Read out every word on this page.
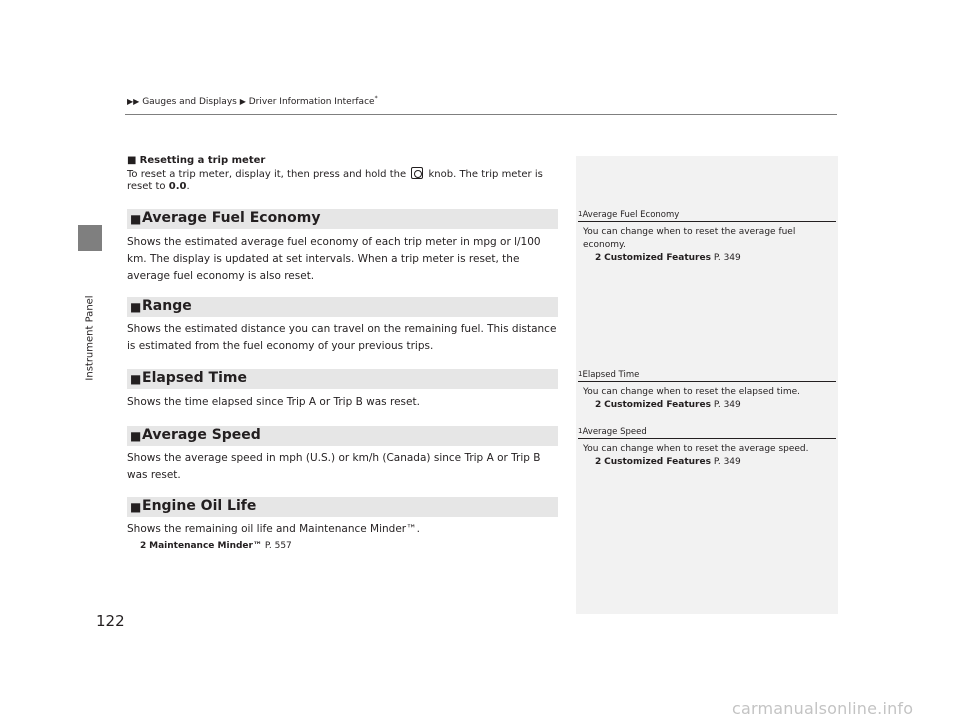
Instrument Panel
122
▶▶ Gauges and Displays ▶ Driver Information Interface*
■ Resetting a trip meter
To reset a trip meter, display it, then press and hold the knob. The trip meter is reset to 0.0.
■ Average Fuel Economy
Shows the estimated average fuel economy of each trip meter in mpg or l/100 km. The display is updated at set intervals. When a trip meter is reset, the average fuel economy is also reset.
■ Range
Shows the estimated distance you can travel on the remaining fuel. This distance is estimated from the fuel economy of your previous trips.
■ Elapsed Time
Shows the time elapsed since Trip A or Trip B was reset.
■ Average Speed
Shows the average speed in mph (U.S.) or km/h (Canada) since Trip A or Trip B was reset.
■ Engine Oil Life
Shows the remaining oil life and Maintenance Minder™.
2 Maintenance Minder™ P. 557
1Average Fuel Economy
You can change when to reset the average fuel economy.
2 Customized Features P. 349
1Elapsed Time
You can change when to reset the elapsed time.
2 Customized Features P. 349
1Average Speed
You can change when to reset the average speed.
2 Customized Features P. 349
carmanualsonline.info
